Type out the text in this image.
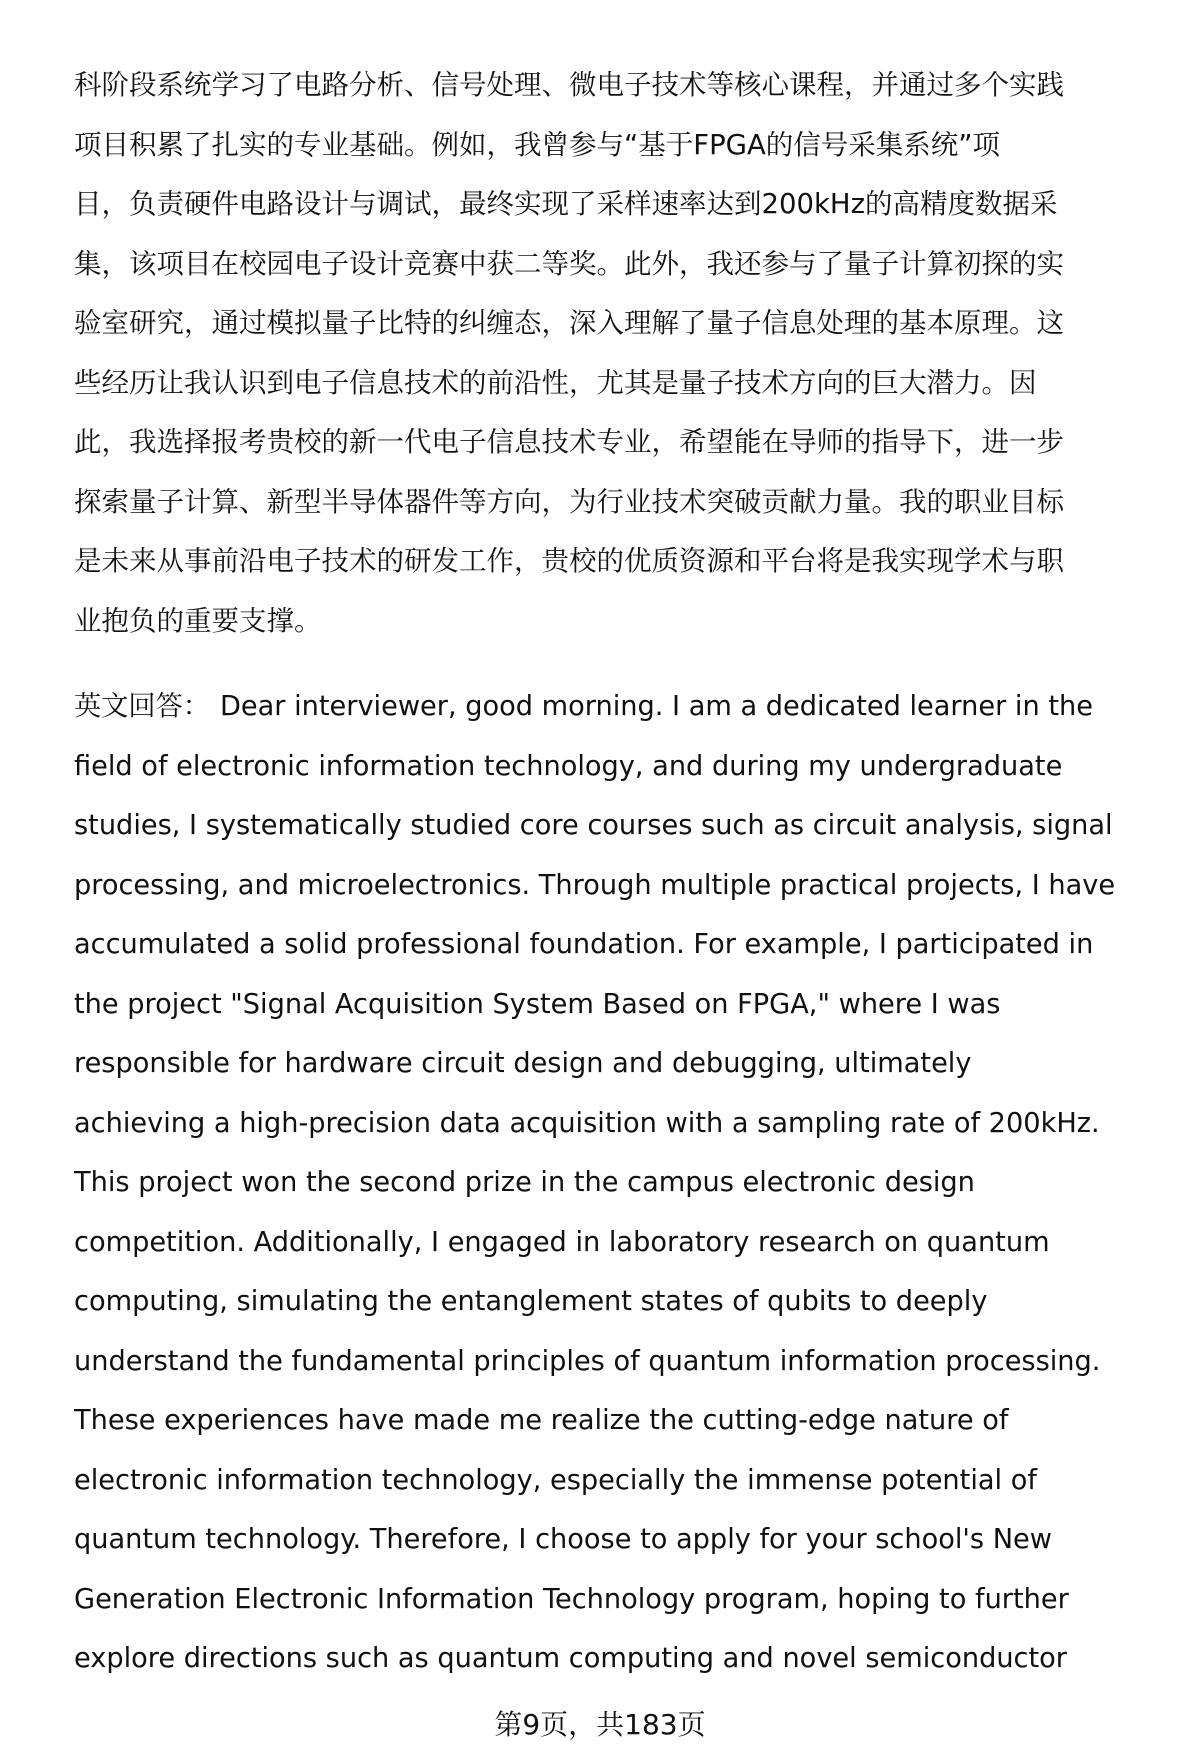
科阶段系统学习了电路分析、信号处理、微电子技术等核心课程，并通过多个实践
项目积累了扎实的专业基础。例如，我曾参与“基于FPGA的信号采集系统”项
目，负责硬件电路设计与调试，最终实现了采样速率达到200kHz的高精度数据采
集，该项目在校园电子设计竞赛中获二等奖。此外，我还参与了量子计算初探的实
验室研究，通过模拟量子比特的纠缠态，深入理解了量子信息处理的基本原理。这
些经历让我认识到电子信息技术的前沿性，尤其是量子技术方向的巨大潜力。因
此，我选择报考贵校的新一代电子信息技术专业，希望能在导师的指导下，进一步
探索量子计算、新型半导体器件等方向，为行业技术突破贡献力量。我的职业目标
是未来从事前沿电子技术的研发工作，贵校的优质资源和平台将是我实现学术与职
业抱负的重要支撑。
英文回答： Dear interviewer, good morning. I am a dedicated learner in the
field of electronic information technology, and during my undergraduate
studies, I systematically studied core courses such as circuit analysis, signal
processing, and microelectronics. Through multiple practical projects, I have
accumulated a solid professional foundation. For example, I participated in
the project "Signal Acquisition System Based on FPGA," where I was
responsible for hardware circuit design and debugging, ultimately
achieving a high-precision data acquisition with a sampling rate of 200kHz.
This project won the second prize in the campus electronic design
competition. Additionally, I engaged in laboratory research on quantum
computing, simulating the entanglement states of qubits to deeply
understand the fundamental principles of quantum information processing.
These experiences have made me realize the cutting-edge nature of
electronic information technology, especially the immense potential of
quantum technology. Therefore, I choose to apply for your school's New
Generation Electronic Information Technology program, hoping to further
explore directions such as quantum computing and novel semiconductor
第9页，共183页
